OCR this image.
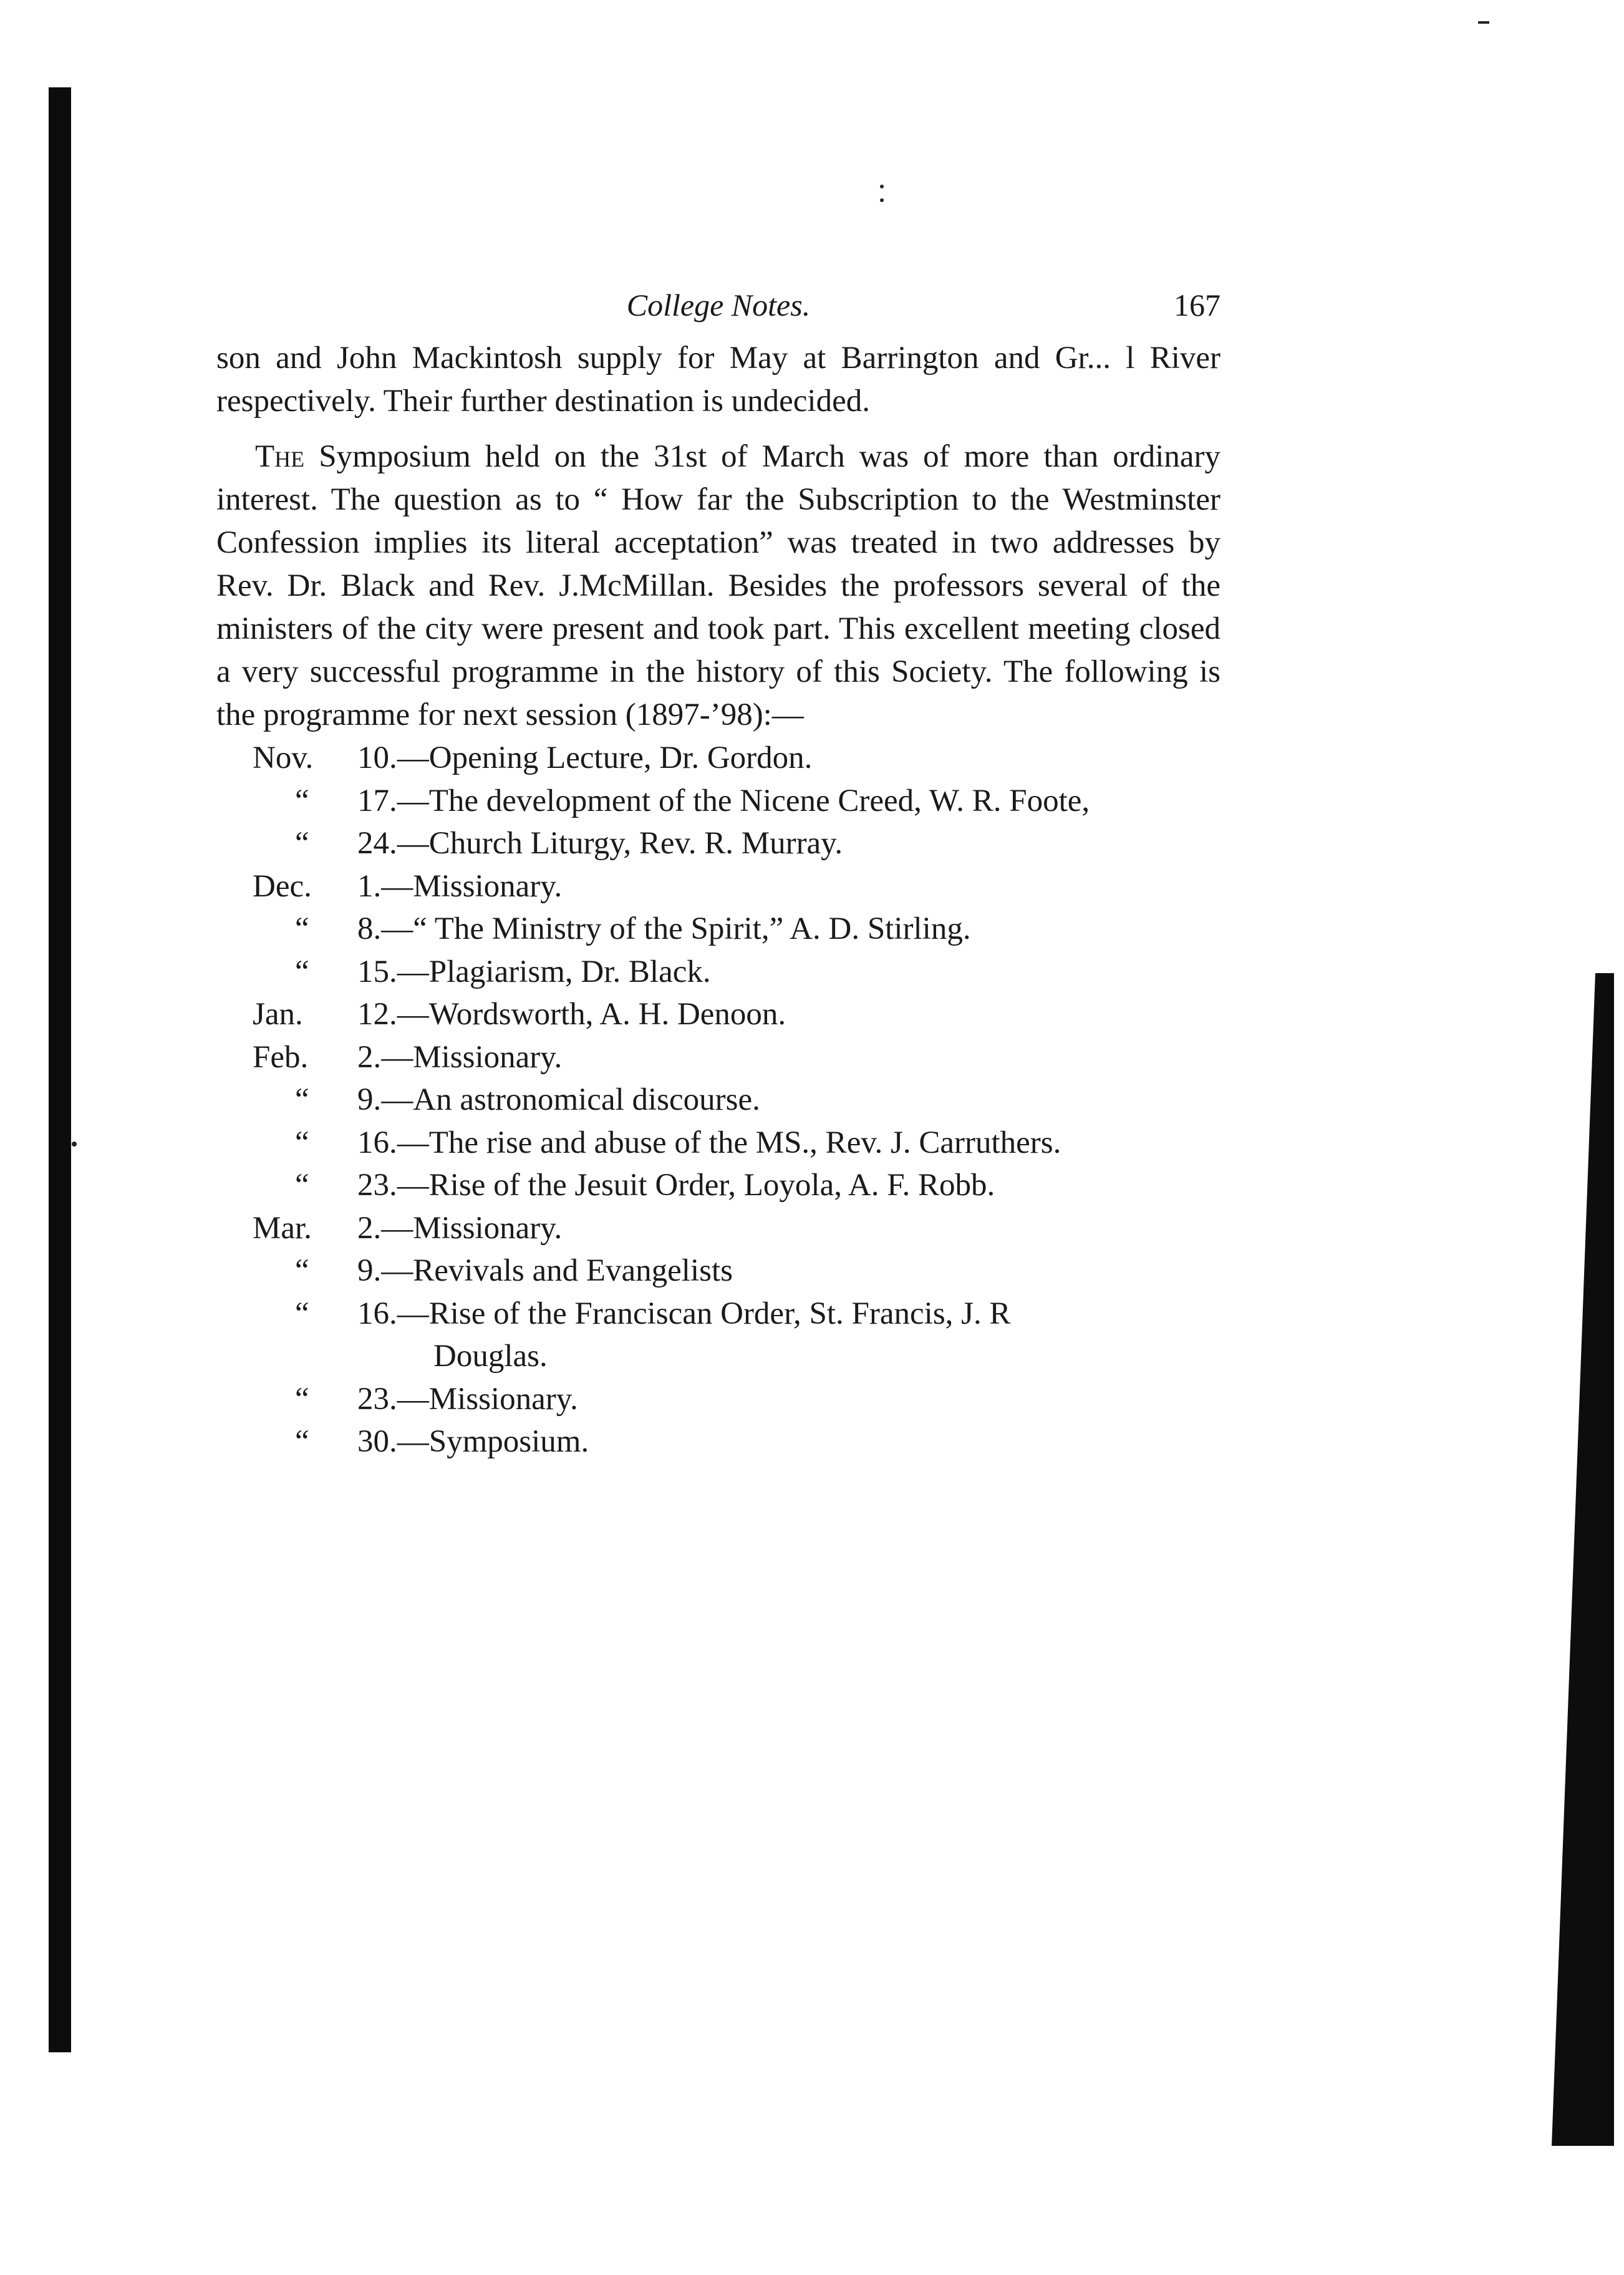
College Notes.	167

son and John Mackintosh supply for May at Barrington and Gr... l River respectively. Their further destination is undecided.

The Symposium held on the 31st of March was of more than ordinary interest. The question as to “ How far the Subscription to the Westminster Confession implies its literal acceptation” was treated in two addresses by Rev. Dr. Black and Rev. J.McMillan. Besides the professors several of the ministers of the city were present and took part. This excellent meeting closed a very successful programme in the history of this Society. The following is the programme for next session (1897-’98):—

Nov.	10.—Opening Lecture, Dr. Gordon.
“	17.—The development of the Nicene Creed, W. R. Foote,
“	24.—Church Liturgy, Rev. R. Murray.
Dec.	1.—Missionary.
“	8.—“ The Ministry of the Spirit,” A. D. Stirling.
“	15.—Plagiarism, Dr. Black.
Jan.	12.—Wordsworth, A. H. Denoon.
Feb.	2.—Missionary.
“	9.—An astronomical discourse.
“	16.—The rise and abuse of the MS., Rev. J. Carruthers.
“	23.—Rise of the Jesuit Order, Loyola, A. F. Robb.
Mar.	2.—Missionary.
“	9.—Revivals and Evangelists
“	16.—Rise of the Franciscan Order, St. Francis, J. R
Douglas.
“	23.—Missionary.
“	30.—Symposium.
